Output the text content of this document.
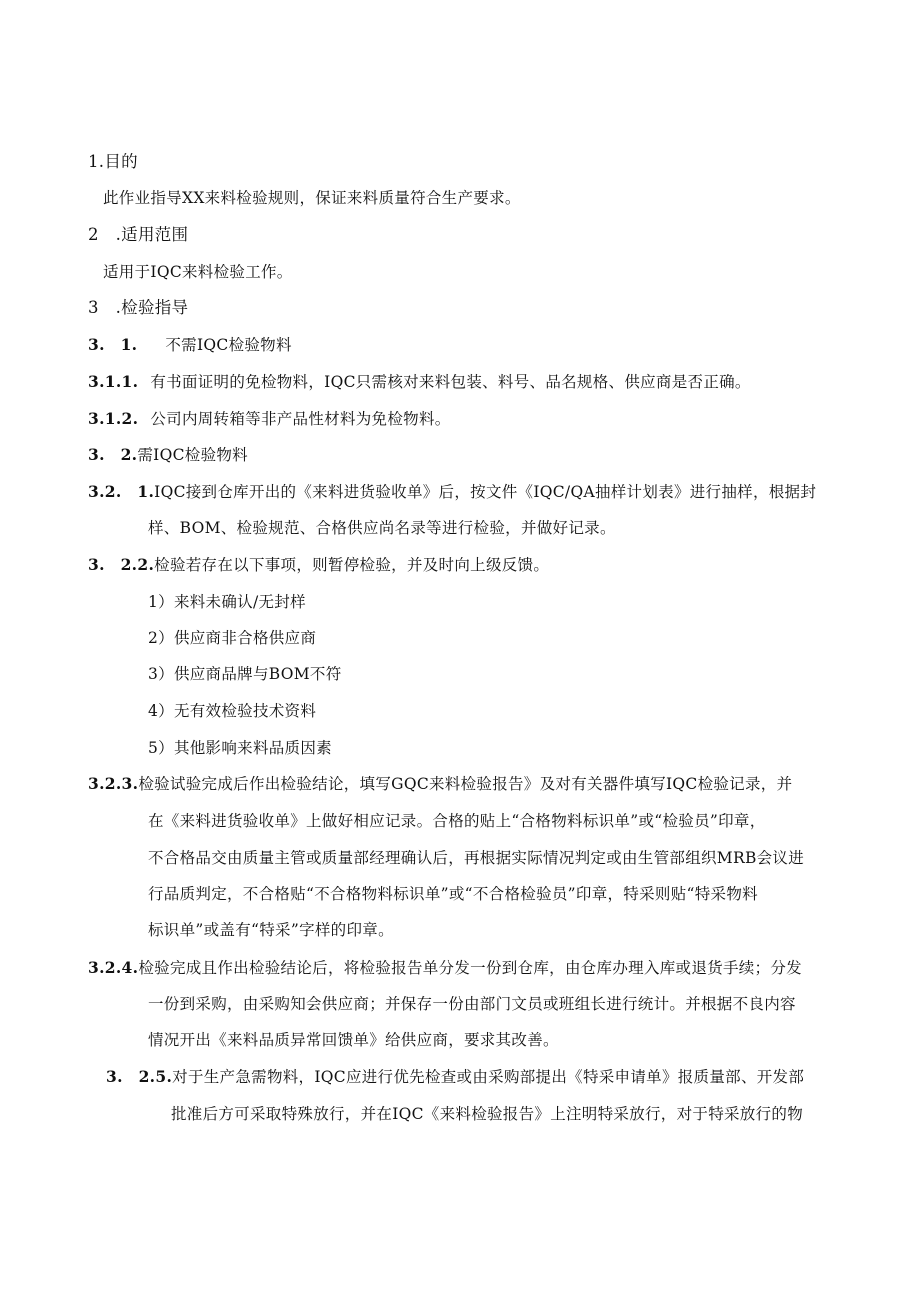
1.目的
此作业指导XX来料检验规则，保证来料质量符合生产要求。
2　.适用范围
适用于IQC来料检验工作。
3　.检验指导
3.　1. 不需IQC检验物料
3.1.1. 有书面证明的免检物料，IQC只需核对来料包装、料号、品名规格、供应商是否正确。
3.1.2. 公司内周转箱等非产品性材料为免检物料。
3.　2.需IQC检验物料
3.2.　1.IQC接到仓库开出的《来料进货验收单》后，按文件《IQC/QA抽样计划表》进行抽样，根据封
样、BOM、检验规范、合格供应尚名录等进行检验，并做好记录。
3.　2.2.检验若存在以下事项，则暂停检验，并及时向上级反馈。
1）来料未确认/无封样
2）供应商非合格供应商
3）供应商品牌与BOM不符
4）无有效检验技术资料
5）其他影响来料品质因素
3.2.3.检验试验完成后作出检验结论，填写GQC来料检验报告》及对有关器件填写IQC检验记录，并
在《来料进货验收单》上做好相应记录。合格的贴上“合格物料标识单”或“检验员”印章，
不合格品交由质量主管或质量部经理确认后，再根据实际情况判定或由生管部组织MRB会议进
行品质判定，不合格贴“不合格物料标识单”或“不合格检验员”印章，特采则贴“特采物料
标识单”或盖有“特采”字样的印章。
3.2.4.检验完成且作出检验结论后，将检验报告单分发一份到仓库，由仓库办理入库或退货手续；分发
一份到采购，由采购知会供应商；并保存一份由部门文员或班组长进行统计。并根据不良内容
情况开出《来料品质异常回馈单》给供应商，要求其改善。
3.　2.5.对于生产急需物料，IQC应进行优先检查或由采购部提出《特采申请单》报质量部、开发部
批准后方可采取特殊放行，并在IQC《来料检验报告》上注明特采放行，对于特采放行的物
